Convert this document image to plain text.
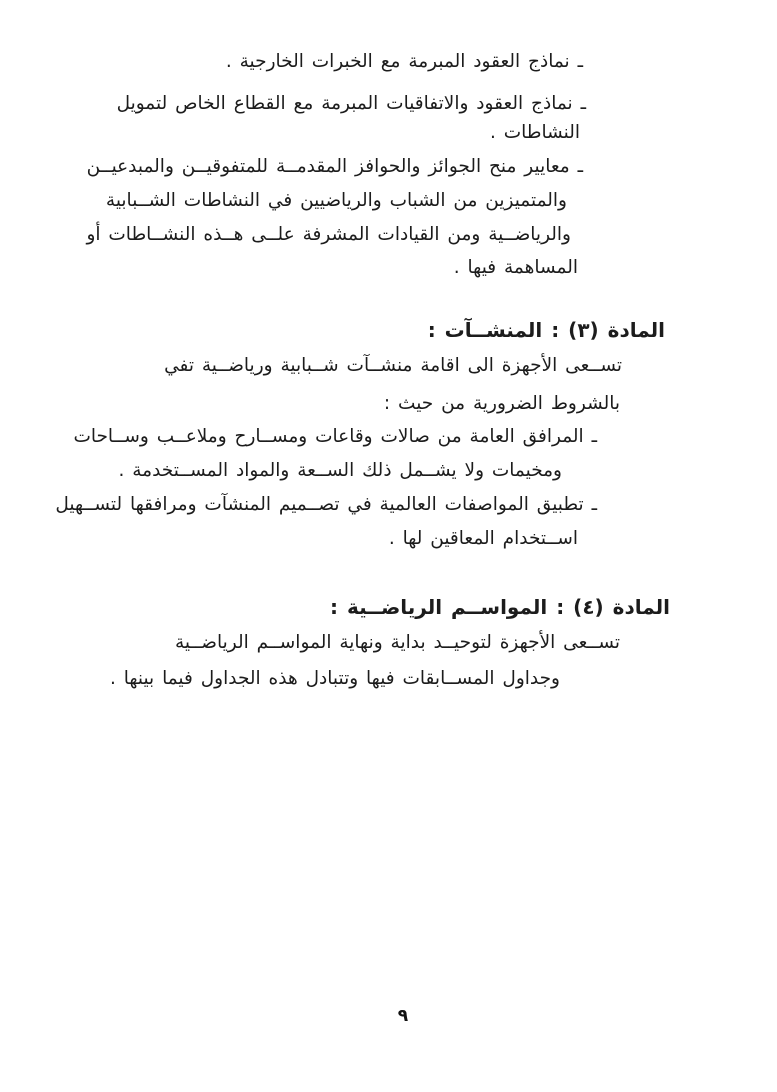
ـ نماذج العقود المبرمة مع الخبرات الخارجية .
ـ نماذج العقود والاتفاقيات المبرمة مع القطاع الخاص لتمويل
النشاطات .
ـ معايير منح الجوائز والحوافز المقدمــة للمتفوقيــن والمبدعيــن
والمتميزين من الشباب والرياضيين في النشاطات الشــبابية
والرياضــية ومن القيادات المشرفة علــى هــذه النشــاطات أو
المساهمة فيها .
المادة (٣) : المنشــآت :
تســعى الأجهزة الى اقامة منشــآت شــبابية ورياضــية تفي
بالشروط الضرورية من حيث :
ـ المرافق العامة من صالات وقاعات ومســارح وملاعــب وســاحات
ومخيمات ولا يشــمل ذلك الســعة والمواد المســتخدمة .
ـ تطبيق المواصفات العالمية في تصــميم المنشآت ومرافقها لتســهيل
اســتخدام المعاقين لها .
المادة (٤) : المواســم الرياضــية :
تســعى الأجهزة لتوحيــد بداية ونهاية المواســم الرياضــية
وجداول المســابقات فيها وتتبادل هذه الجداول فيما بينها .
٩
